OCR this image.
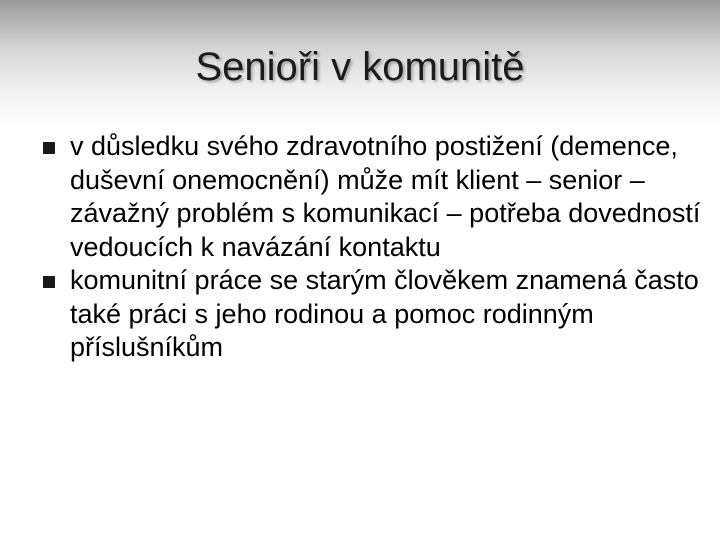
Senioři v komunitě
v důsledku svého zdravotního postižení (demence, duševní onemocnění) může mít klient – senior – závažný problém s komunikací – potřeba dovedností vedoucích k navázání kontaktu
komunitní práce se starým člověkem znamená často také práci s jeho rodinou a pomoc rodinným příslušníkům
